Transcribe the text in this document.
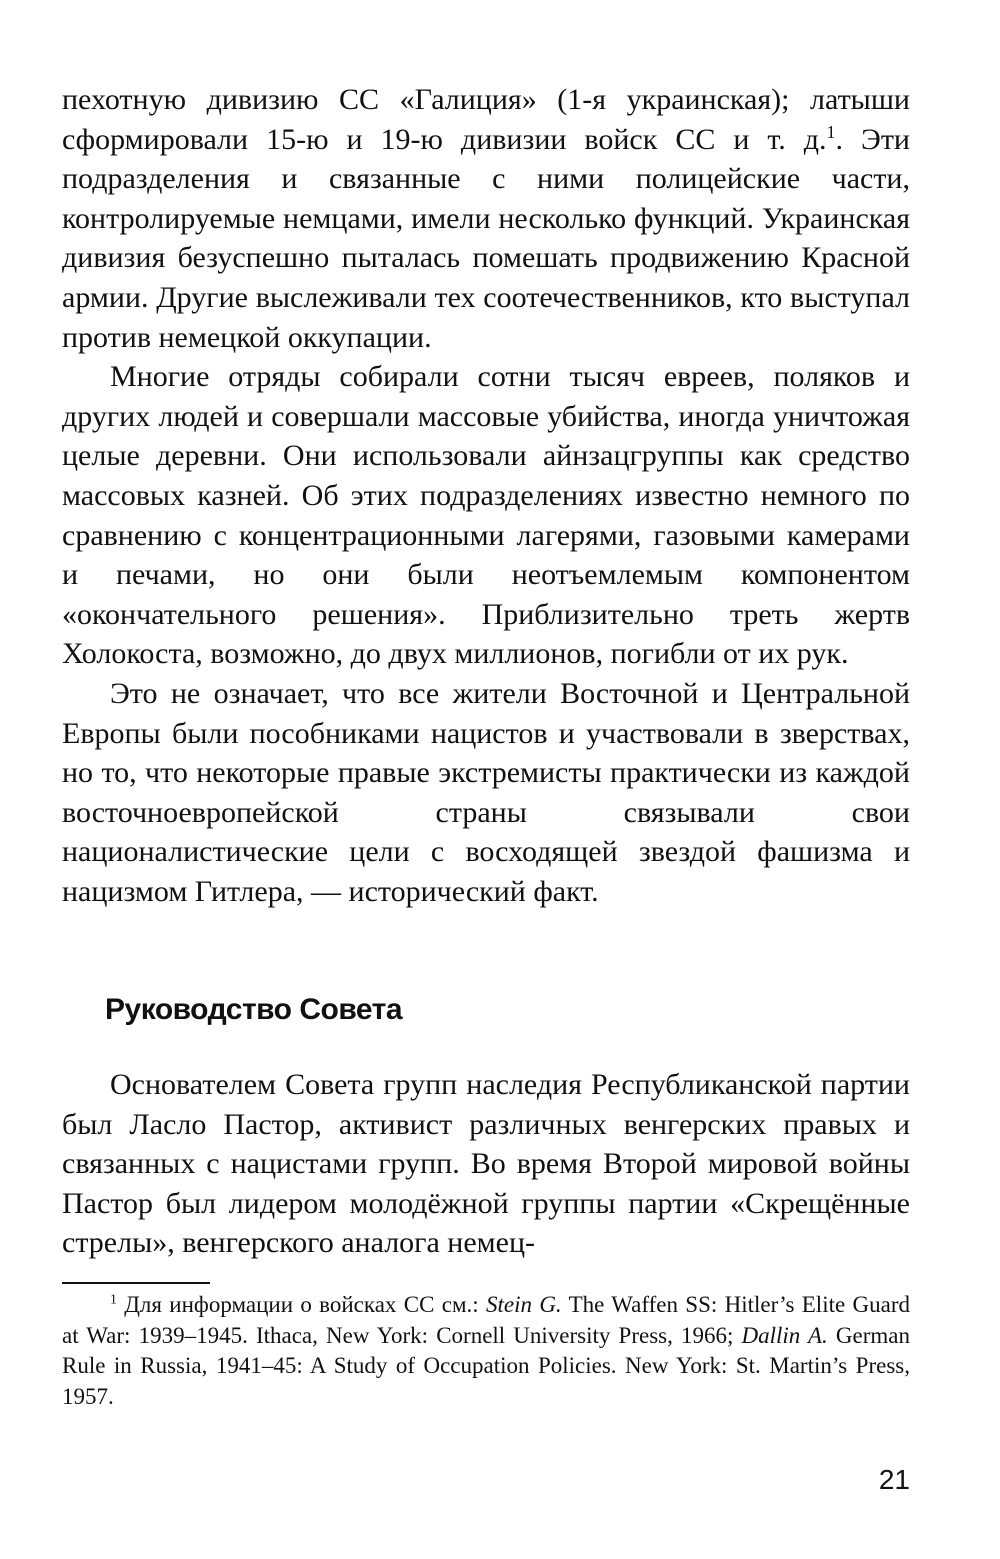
пехотную дивизию СС «Галиция» (1-я украинская); латыши сформировали 15-ю и 19-ю дивизии войск СС и т. д.$^1$. Эти подразделения и связанные с ними полицейские части, контролируемые немцами, имели несколько функций. Украинская дивизия безуспешно пыталась помешать продвижению Красной армии. Другие выслеживали тех соотечественников, кто выступал против немецкой оккупации.

Многие отряды собирали сотни тысяч евреев, поляков и других людей и совершали массовые убийства, иногда уничтожая целые деревни. Они использовали айнзацгруппы как средство массовых казней. Об этих подразделениях известно немного по сравнению с концентрационными лагерями, газовыми камерами и печами, но они были неотъемлемым компонентом «окончательного решения». Приблизительно треть жертв Холокоста, возможно, до двух миллионов, погибли от их рук.

Это не означает, что все жители Восточной и Центральной Европы были пособниками нацистов и участвовали в зверствах, но то, что некоторые правые экстремисты практически из каждой восточноевропейской страны связывали свои националистические цели с восходящей звездой фашизма и нацизмом Гитлера, — исторический факт.

Руководство Совета

Основателем Совета групп наследия Республиканской партии был Ласло Пастор, активист различных венгерских правых и связанных с нацистами групп. Во время Второй мировой войны Пастор был лидером молодёжной группы партии «Скрещённые стрелы», венгерского аналога немец-

$^1$ Для информации о войсках СС см.: Stein G. The Waffen SS: Hitler’s Elite Guard at War: 1939–1945. Ithaca, New York: Cornell University Press, 1966; Dallin A. German Rule in Russia, 1941–45: A Study of Occupation Policies. New York: St. Martin’s Press, 1957.

21
